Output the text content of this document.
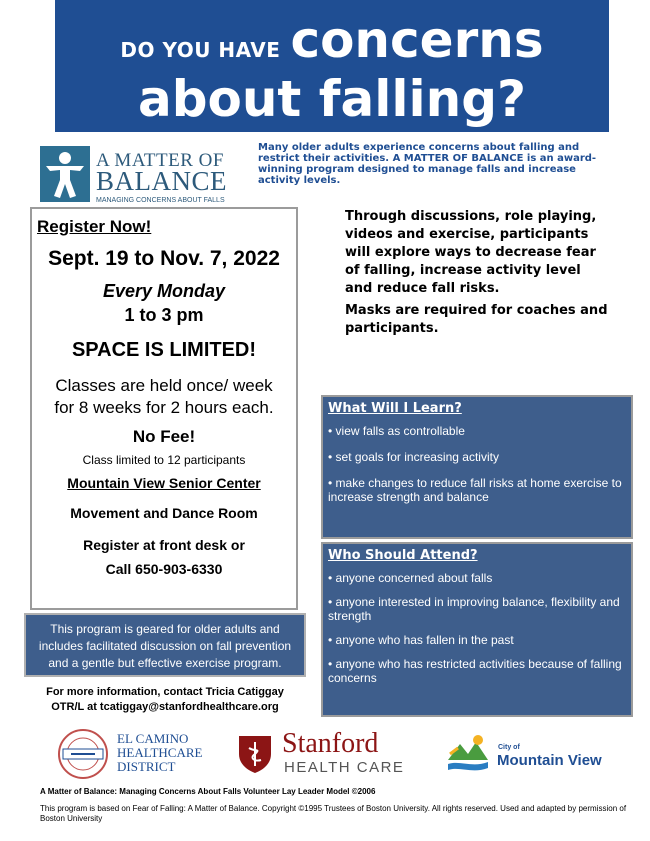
DO YOU HAVE concerns
about falling?
A MATTER OF
BALANCE
MANAGING CONCERNS ABOUT FALLS
Many older adults experience concerns about falling and restrict their activities. A MATTER OF BALANCE is an award-winning program designed to manage falls and increase activity levels.
Register Now!
Sept. 19 to Nov. 7, 2022
Every Monday
1 to 3 pm
SPACE IS LIMITED!
Classes are held once/ week for 8 weeks for 2 hours each.
No Fee!
Class limited to 12 participants
Mountain View Senior Center
Movement and Dance Room
Register at front desk or
Call 650-903-6330
This program is geared for older adults and includes facilitated discussion on fall prevention and a gentle but effective exercise program.
For more information, contact Tricia Catiggay
OTR/L at tcatiggay@stanfordhealthcare.org

Through discussions, role playing, videos and exercise, participants will explore ways to decrease fear of falling, increase activity level and reduce fall risks.

Masks are required for coaches and participants.

What Will I Learn?
• view falls as controllable
• set goals for increasing activity
• make changes to reduce fall risks at home exercise to increase strength and balance
Who Should Attend?
• anyone concerned about falls
• anyone interested in improving balance, flexibility and strength
• anyone who has fallen in the past
• anyone who has restricted activities because of falling concerns
EL CAMINO
HEALTHCARE
DISTRICT
Stanford
HEALTH CARE
City of
Mountain View
A Matter of Balance: Managing Concerns About Falls Volunteer Lay Leader Model ©2006
This program is based on Fear of Falling: A Matter of Balance. Copyright ©1995 Trustees of Boston University. All rights reserved. Used and adapted by permission of Boston University
